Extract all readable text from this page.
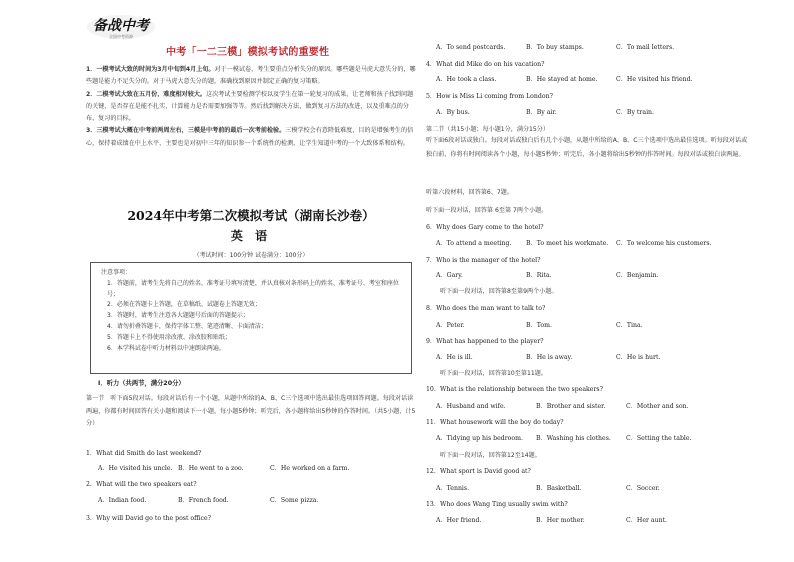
备战中考
全国中考资源
中考「一二三模」模拟考试的重要性

1．一模考试大致的时间为3月中旬到4月上旬。对于一模试卷，考生要重点分析失分的原因。哪些题是马虎大意失分的，哪些题是能力不足失分的。对于马虎大意失分的题，准确找到原因并制定正确的复习策略。

2．二模考试大致在五月份，难度相对较大。这次考试主要检测学校以及学生在第一轮复习的成果，让老师和孩子找到问题的关键，是否存在是能不扎实，计算能力是否需要加强等等。然后找到解决方法，做到复习方法的改进，以及重难点的分布，复习的目标。

3．三模考试大概在中考前两周左右，三模是中考前的最后一次考前检验。三模学校会有意降低难度，目的是增强考生的信心，保持着成绩在中上水平，主要也是对初中三年的知识参一个系统性的检测，让学生知道中考的一个大致体系和结构。

2024年中考第二次模拟考试（湖南长沙卷）
英 语
（考试时间：100分钟 试卷满分：100分）
注意事项：
1．答题前，请考生先将自己的姓名、准考证号填写清楚，并认真核对条形码上的姓名、准考证号、考室和座位号；
2．必须在答题卡上答题，在草稿纸、试题卷上答题无效；
3．答题时，请考生注意各大题题号后面的答题提示；
4．请勿折叠答题卡，保持字体工整、笔迹清晰、卡面清洁；
5．答题卡上不得使用涂改液、涂改胶和贴纸；
6．本学科试卷中听力材料以中速朗读两遍。
Ⅰ．听力（共两节，满分20分）
第一节　听下面5段对话。每段对话后有一个小题，从题中所给的A、B、C三个选项中选出最佳选项回答问题。每段对话读两遍，你都有时间回答有关小题和阅读下一小题，每小题5秒钟；听完后，各小题将给出5秒钟的作答时间。（共5小题，计5分）
1．What did Smith do last weekend?
A．He visited his uncle. B．He went to a zoo.	C．He worked on a farm.
2．What will the two speakers eat?
A．Indian food.	B．French food.	C．Some pizza.
3．Why will David go to the post office?
A．To send postcards.	B．To buy stamps.	C．To mail letters.
4．What did Mike do on his vacation?
A．He took a class.	B．He stayed at home.	C．He visited his friend.
5．How is Miss Li coming from London?
A．By bus.	B．By air.	C．By train.
第二节（共15小题；每小题1分，满分15分）
听下面6段对话或独白。每段对话或独白后有几个小题，从题中所给的A、B、C三个选项中选出最佳选项。听每段对话或独白前，你将有时间阅读各个小题，每小题5秒钟；听完后，各小题将给出5秒钟的作答时间。每段对话或独白读两遍。
听第六段材料，回答第6、7题。
听下面一段对话，回答第 6至第 7两个小题。
6．Why does Gary come to the hotel?
A．To attend a meeting. B．To meet his workmate. C．To welcome his customers.
7．Who is the manager of the hotel?
A．Gary.	B．Rita.	C．Benjamin.
听下面一段对话，回答第8至第9两个小题。
8．Who does the man want to talk to?
A．Peter.	B．Tom.	C．Tina.
9．What has happened to the player?
A．He is ill.	B．He is away.	C．He is hurt.
听下面一段对话，回答第10至第11题。
10．What is the relationship between the two speakers?
A．Husband and wife.	B．Brother and sister.	C．Mother and son.
11．What housework will the boy do today?
A．Tidying up his bedroom. B．Washing his clothes. C．Setting the table.
听下面一段对话，回答第12至14题。
12．What sport is David good at?
A．Tennis.	B．Basketball.	C．Soccer.
13．Who does Wang Ting usually swim with?
A．Her friend.	B．Her mother.	C．Her aunt.
